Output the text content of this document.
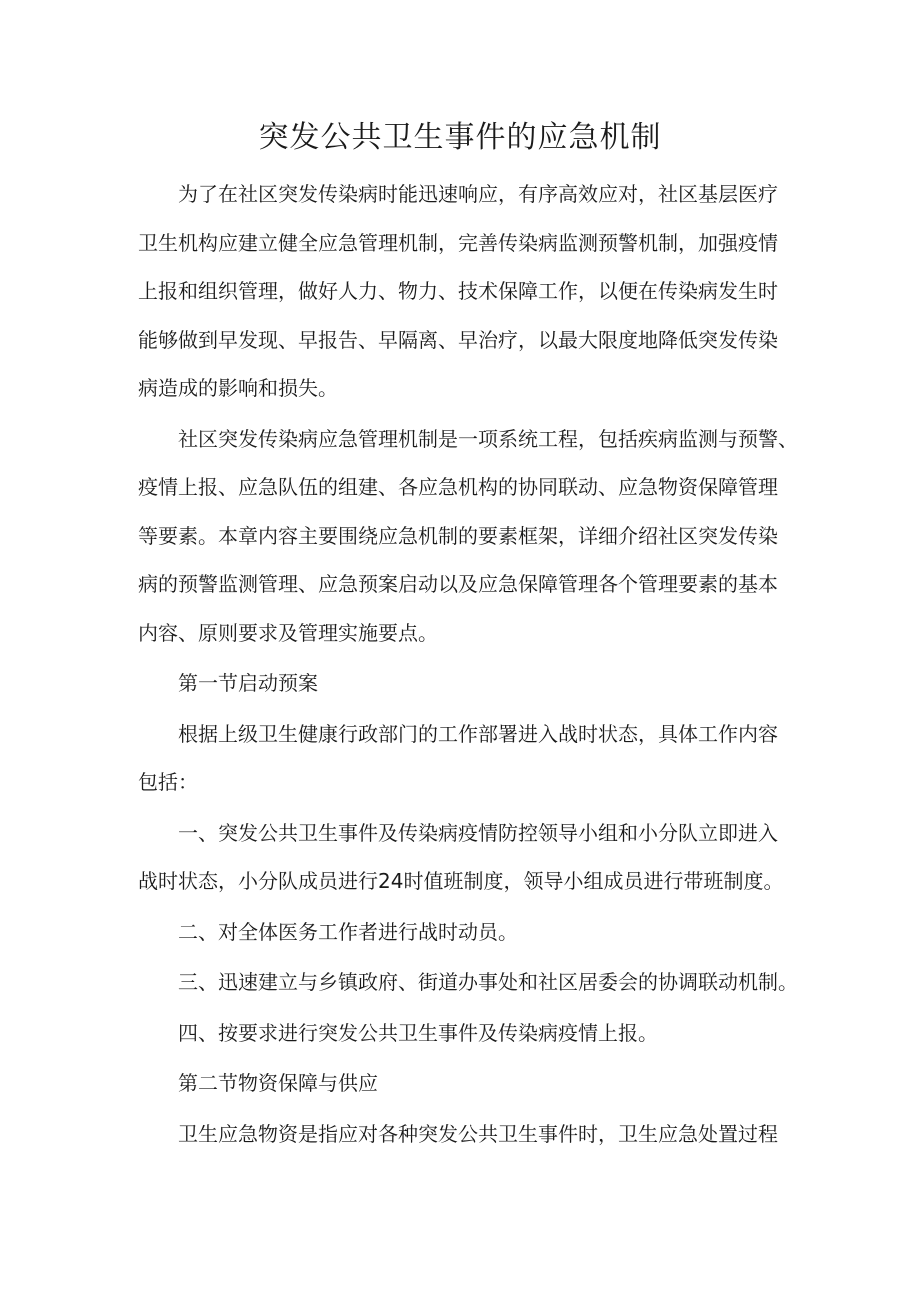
突发公共卫生事件的应急机制

为了在社区突发传染病时能迅速响应，有序高效应对，社区基层医疗
卫生机构应建立健全应急管理机制，完善传染病监测预警机制，加强疫情
上报和组织管理，做好人力、物力、技术保障工作，以便在传染病发生时
能够做到早发现、早报告、早隔离、早治疗，以最大限度地降低突发传染
病造成的影响和损失。

社区突发传染病应急管理机制是一项系统工程，包括疾病监测与预警、
疫情上报、应急队伍的组建、各应急机构的协同联动、应急物资保障管理
等要素。本章内容主要围绕应急机制的要素框架，详细介绍社区突发传染
病的预警监测管理、应急预案启动以及应急保障管理各个管理要素的基本
内容、原则要求及管理实施要点。

第一节启动预案

根据上级卫生健康行政部门的工作部署进入战时状态，具体工作内容
包括：

一、突发公共卫生事件及传染病疫情防控领导小组和小分队立即进入
战时状态，小分队成员进行24时值班制度，领导小组成员进行带班制度。

二、对全体医务工作者进行战时动员。

三、迅速建立与乡镇政府、街道办事处和社区居委会的协调联动机制。

四、按要求进行突发公共卫生事件及传染病疫情上报。

第二节物资保障与供应

卫生应急物资是指应对各种突发公共卫生事件时，卫生应急处置过程
